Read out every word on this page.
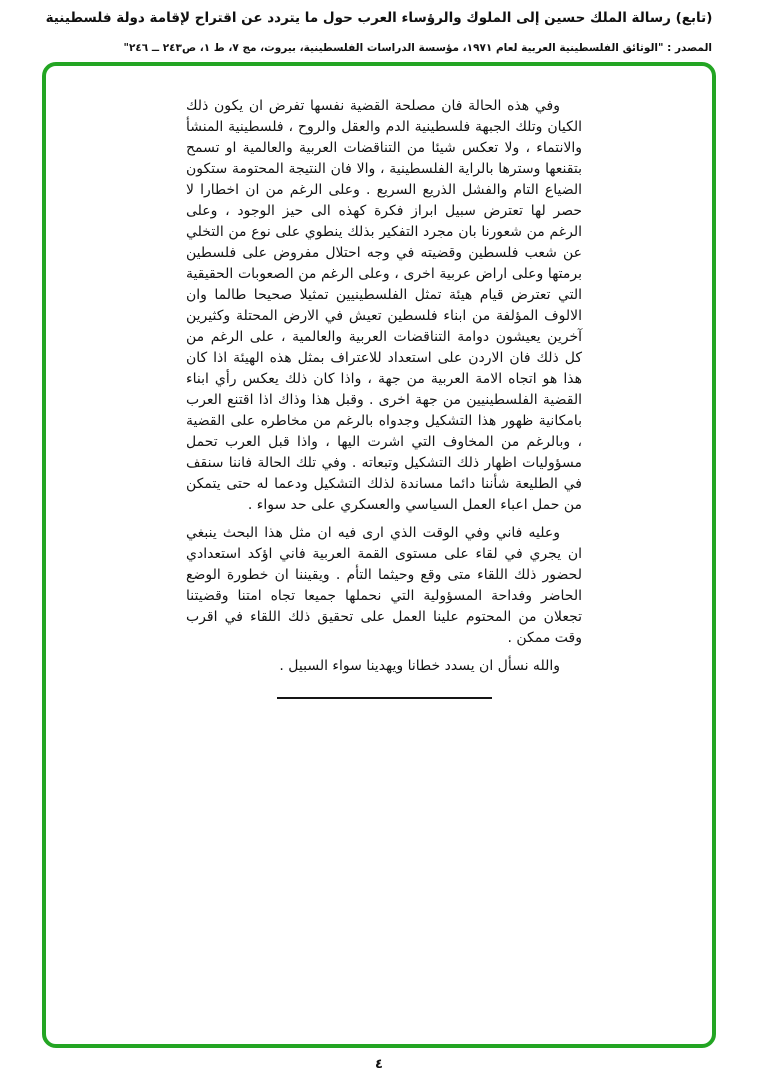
(تابع) رسالة الملك حسين إلى الملوك والرؤساء العرب حول ما يتردد عن اقتراح لإقامة دولة فلسطينية
المصدر : "الوثائق الفلسطينية العربية لعام ١٩٧١، مؤسسة الدراسات الفلسطينية، بيروت، مج ٧، ط ١، ص٢٤٣ ــ ٢٤٦"

وفي هذه الحالة فان مصلحة القضية نفسها تفرض ان يكون ذلك الكيان وتلك الجبهة فلسطينية الدم والعقل والروح ، فلسطينية المنشأ والانتماء ، ولا تعكس شيئا من التناقضات العربية والعالمية او تسمح بتقنعها وسترها بالراية الفلسطينية ، والا فان النتيجة المحتومة ستكون الضياع التام والفشل الذريع السريع . وعلى الرغم من ان اخطارا لا حصر لها تعترض سبيل ابراز فكرة كهذه الى حيز الوجود ، وعلى الرغم من شعورنا بان مجرد التفكير بذلك ينطوي على نوع من التخلي عن شعب فلسطين وقضيته في وجه احتلال مفروض على فلسطين برمتها وعلى اراض عربية اخرى ، وعلى الرغم من الصعوبات الحقيقية التي تعترض قيام هيئة تمثل الفلسطينيين تمثيلا صحيحا طالما وان الالوف المؤلفة من ابناء فلسطين تعيش في الارض المحتلة وكثيرين آخرين يعيشون دوامة التناقضات العربية والعالمية ، على الرغم من كل ذلك فان الاردن على استعداد للاعتراف بمثل هذه الهيئة اذا كان هذا هو اتجاه الامة العربية من جهة ، واذا كان ذلك يعكس رأي ابناء القضية الفلسطينيين من جهة اخرى . وقبل هذا وذاك اذا اقتنع العرب بامكانية ظهور هذا التشكيل وجدواه بالرغم من مخاطره على القضية ، وبالرغم من المخاوف التي اشرت اليها ، واذا قبل العرب تحمل مسؤوليات اظهار ذلك التشكيل وتبعاته . وفي تلك الحالة فاننا سنقف في الطليعة شأننا دائما مساندة لذلك التشكيل ودعما له حتى يتمكن من حمل اعباء العمل السياسي والعسكري على حد سواء .

وعليه فاني وفي الوقت الذي ارى فيه ان مثل هذا البحث ينبغي ان يجري في لقاء على مستوى القمة العربية فاني اؤكد استعدادي لحضور ذلك اللقاء متى وقع وحيثما التأم . ويقيننا ان خطورة الوضع الحاضر وفداحة المسؤولية التي نحملها جميعا تجاه امتنا وقضيتنا تجعلان من المحتوم علينا العمل على تحقيق ذلك اللقاء في اقرب وقت ممكن .

والله نسأل ان يسدد خطانا ويهدينا سواء السبيل .

٤
